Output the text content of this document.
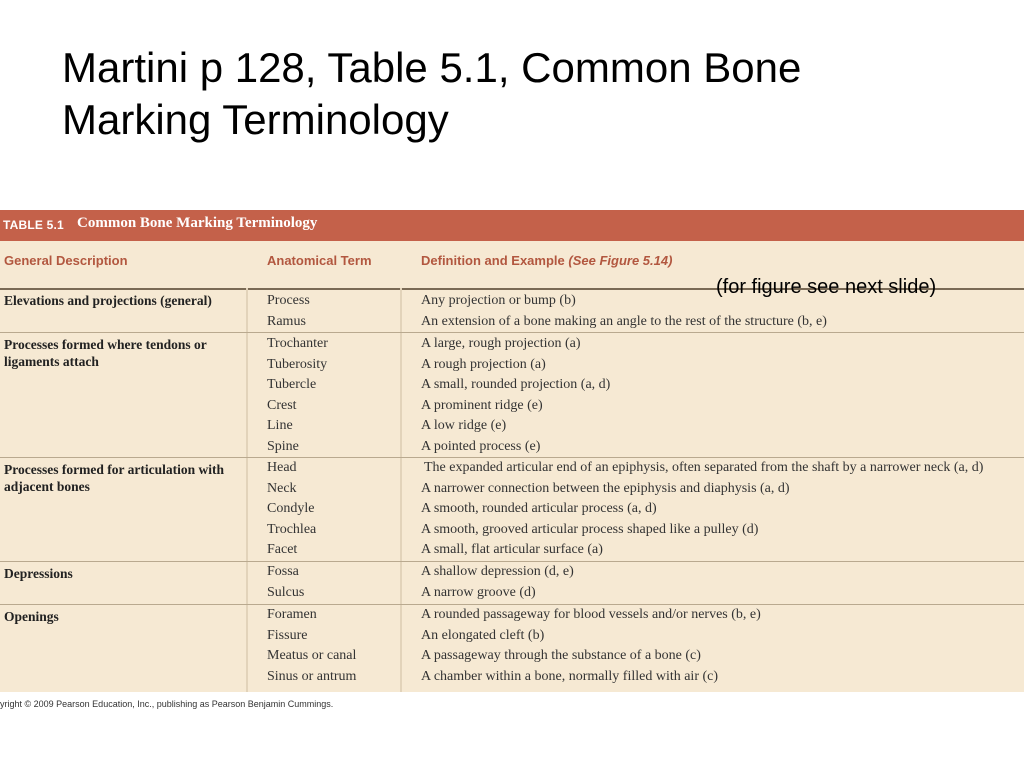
Martini p 128, Table 5.1, Common Bone
Marking Terminology
TABLE 5.1 Common Bone Marking Terminology
General Description	Anatomical Term	Definition and Example (See Figure 5.14)
(for figure see next slide)
Elevations and projections (general)	Process	Any projection or bump (b)
Ramus	An extension of a bone making an angle to the rest of the structure (b, e)
Processes formed where tendons or ligaments attach
Trochanter	A large, rough projection (a)
Tuberosity	A rough projection (a)
Tubercle	A small, rounded projection (a, d)
Crest	A prominent ridge (e)
Line	A low ridge (e)
Spine	A pointed process (e)
Processes formed for articulation with adjacent bones
Head	The expanded articular end of an epiphysis, often separated from the shaft by a narrower neck (a, d)
Neck	A narrower connection between the epiphysis and diaphysis (a, d)
Condyle	A smooth, rounded articular process (a, d)
Trochlea	A smooth, grooved articular process shaped like a pulley (d)
Facet	A small, flat articular surface (a)
Depressions	Fossa	A shallow depression (d, e)
Sulcus	A narrow groove (d)
Openings	Foramen	A rounded passageway for blood vessels and/or nerves (b, e)
Fissure	An elongated cleft (b)
Meatus or canal	A passageway through the substance of a bone (c)
Sinus or antrum	A chamber within a bone, normally filled with air (c)
yright © 2009 Pearson Education, Inc., publishing as Pearson Benjamin Cummings.
